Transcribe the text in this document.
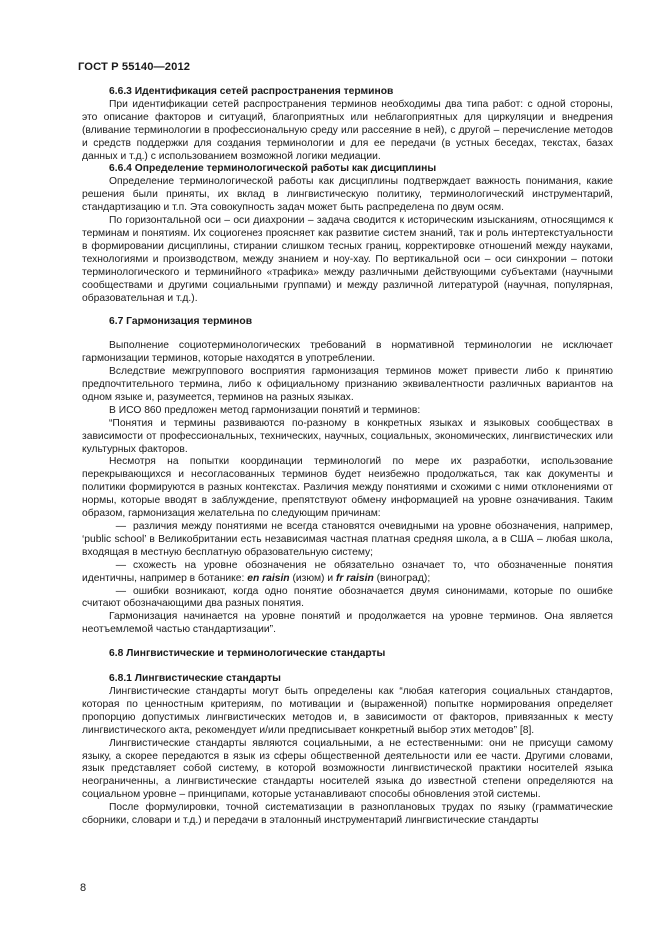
ГОСТ Р 55140—2012
6.6.3 Идентификация сетей распространения терминов

При идентификации сетей распространения терминов необходимы два типа работ: с одной стороны, это описание факторов и ситуаций, благоприятных или неблагоприятных для циркуляции и внедрения (вливание терминологии в профессиональную среду или рассеяние в ней), с другой – перечисление методов и средств поддержки для создания терминологии и для ее передачи (в устных беседах, текстах, базах данных и т.д.) с использованием возможной логики медиации.

6.6.4 Определение терминологической работы как дисциплины

Определение терминологической работы как дисциплины подтверждает важность понимания, какие решения были приняты, их вклад в лингвистическую политику, терминологический инструментарий, стандартизацию и т.п. Эта совокупность задач может быть распределена по двум осям.

По горизонтальной оси – оси диахронии – задача сводится к историческим изысканиям, относящимся к терминам и понятиям. Их социогенез проясняет как развитие систем знаний, так и роль интертекстуальности в формировании дисциплины, стирании слишком тесных границ, корректировке отношений между науками, технологиями и производством, между знанием и ноу-хау. По вертикальной оси – оси синхронии – потоки терминологического и терминийного «трафика» между различными действующими субъектами (научными сообществами и другими социальными группами) и между различной литературой (научная, популярная, образовательная и т.д.).

6.7 Гармонизация терминов

Выполнение социотерминологических требований в нормативной терминологии не исключает гармонизации терминов, которые находятся в употреблении.

Вследствие межгруппового восприятия гармонизация терминов может привести либо к принятию предпочтительного термина, либо к официальному признанию эквивалентности различных вариантов на одном языке и, разумеется, терминов на разных языках.

В ИСО 860 предложен метод гармонизации понятий и терминов:

“Понятия и термины развиваются по-разному в конкретных языках и языковых сообществах в зависимости от профессиональных, технических, научных, социальных, экономических, лингвистических или культурных факторов.

Несмотря на попытки координации терминологий по мере их разработки, использование перекрывающихся и несогласованных терминов будет неизбежно продолжаться, так как документы и политики формируются в разных контекстах. Различия между понятиями и схожими с ними отклонениями от нормы, которые вводят в заблуждение, препятствуют обмену информацией на уровне означивания. Таким образом, гармонизация желательна по следующим причинам:

— различия между понятиями не всегда становятся очевидными на уровне обозначения, например, ‘public school’ в Великобритании есть независимая частная платная средняя школа, а в США – любая школа, входящая в местную бесплатную образовательную систему;

— схожесть на уровне обозначения не обязательно означает то, что обозначенные понятия идентичны, например в ботанике: en raisin (изюм) и fr raisin (виноград);

— ошибки возникают, когда одно понятие обозначается двумя синонимами, которые по ошибке считают обозначающими два разных понятия.

Гармонизация начинается на уровне понятий и продолжается на уровне терминов. Она является неотъемлемой частью стандартизации”.

6.8 Лингвистические и терминологические стандарты
6.8.1 Лингвистические стандарты

Лингвистические стандарты могут быть определены как “любая категория социальных стандартов, которая по ценностным критериям, по мотивации и (выраженной) попытке нормирования определяет пропорцию допустимых лингвистических методов и, в зависимости от факторов, привязанных к месту лингвистического акта, рекомендует и/или предписывает конкретный выбор этих методов” [8].

Лингвистические стандарты являются социальными, а не естественными: они не присущи самому языку, а скорее передаются в язык из сферы общественной деятельности или ее части. Другими словами, язык представляет собой систему, в которой возможности лингвистической практики носителей языка неограниченны, а лингвистические стандарты носителей языка до известной степени определяются на социальном уровне – принципами, которые устанавливают способы обновления этой системы.

После формулировки, точной систематизации в разноплановых трудах по языку (грамматические сборники, словари и т.д.) и передачи в эталонный инструментарий лингвистические стандарты

8
